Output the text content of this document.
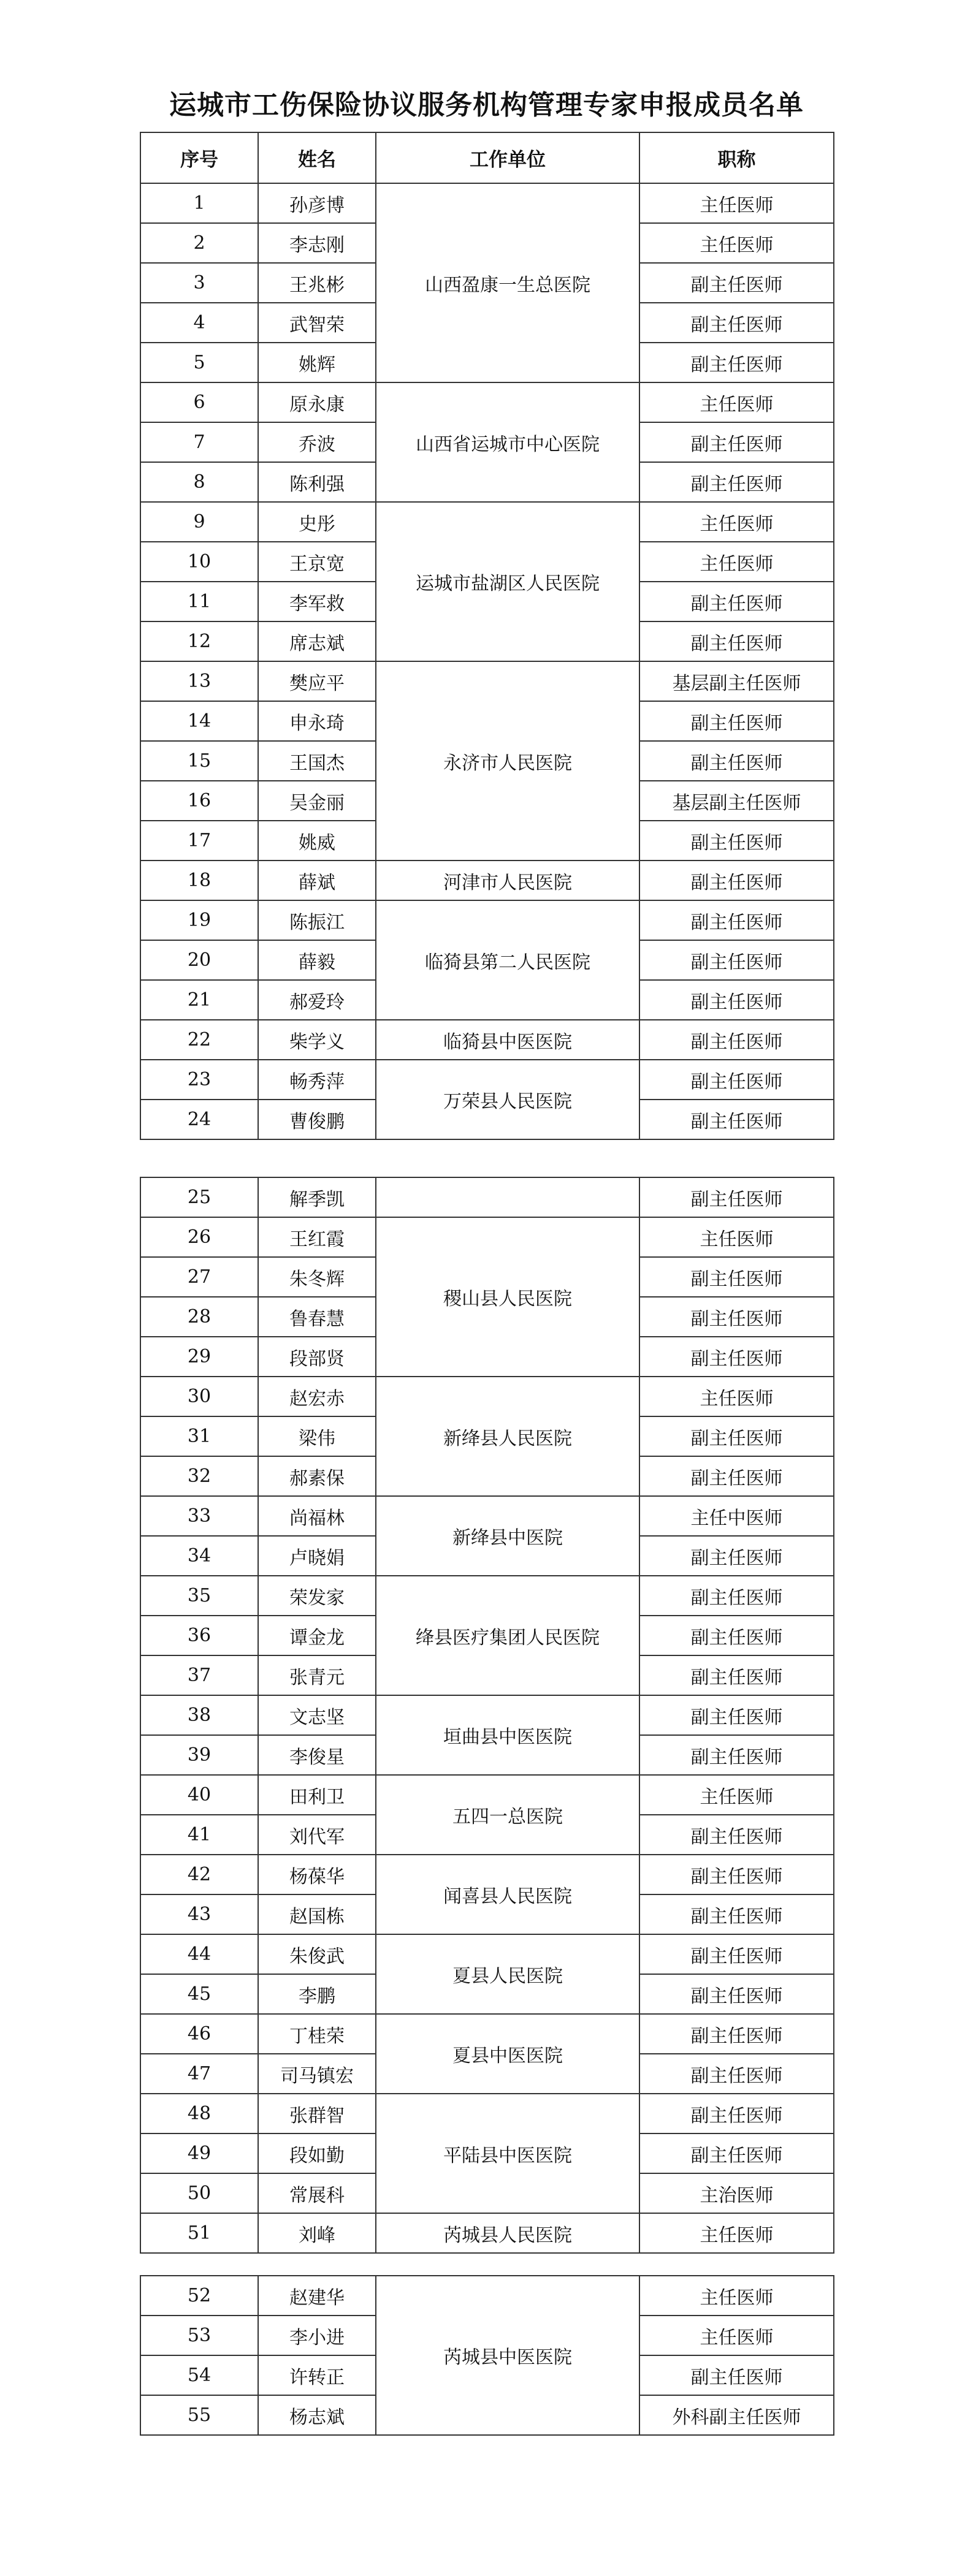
运城市工伤保险协议服务机构管理专家申报成员名单
序号	姓名	工作单位	职称
1	孙彦博	山西盈康一生总医院	主任医师
2	李志刚		主任医师
3	王兆彬		副主任医师
4	武智荣		副主任医师
5	姚辉		副主任医师
6	原永康	山西省运城市中心医院	主任医师
7	乔波		副主任医师
8	陈利强		副主任医师
9	史彤	运城市盐湖区人民医院	主任医师
10	王京宽		主任医师
11	李军救		副主任医师
12	席志斌		副主任医师
13	樊应平	永济市人民医院	基层副主任医师
14	申永琦		副主任医师
15	王国杰		副主任医师
16	吴金丽		基层副主任医师
17	姚威		副主任医师
18	薛斌	河津市人民医院	副主任医师
19	陈振江	临猗县第二人民医院	副主任医师
20	薛毅		副主任医师
21	郝爱玲		副主任医师
22	柴学义	临猗县中医医院	副主任医师
23	畅秀萍	万荣县人民医院	副主任医师
24	曹俊鹏		副主任医师
25	解季凯		副主任医师
26	王红霞	稷山县人民医院	主任医师
27	朱冬辉		副主任医师
28	鲁春慧		副主任医师
29	段部贤		副主任医师
30	赵宏赤	新绛县人民医院	主任医师
31	梁伟		副主任医师
32	郝素保		副主任医师
33	尚福林	新绛县中医院	主任中医师
34	卢晓娟		副主任医师
35	荣发家	绛县医疗集团人民医院	副主任医师
36	谭金龙		副主任医师
37	张青元		副主任医师
38	文志坚	垣曲县中医医院	副主任医师
39	李俊星		副主任医师
40	田利卫	五四一总医院	主任医师
41	刘代军		副主任医师
42	杨葆华	闻喜县人民医院	副主任医师
43	赵国栋		副主任医师
44	朱俊武	夏县人民医院	副主任医师
45	李鹏		副主任医师
46	丁桂荣	夏县中医医院	副主任医师
47	司马镇宏		副主任医师
48	张群智	平陆县中医医院	副主任医师
49	段如勤		副主任医师
50	常展科		主治医师
51	刘峰	芮城县人民医院	主任医师
52	赵建华	芮城县中医医院	主任医师
53	李小进		主任医师
54	许转正		副主任医师
55	杨志斌		外科副主任医师
